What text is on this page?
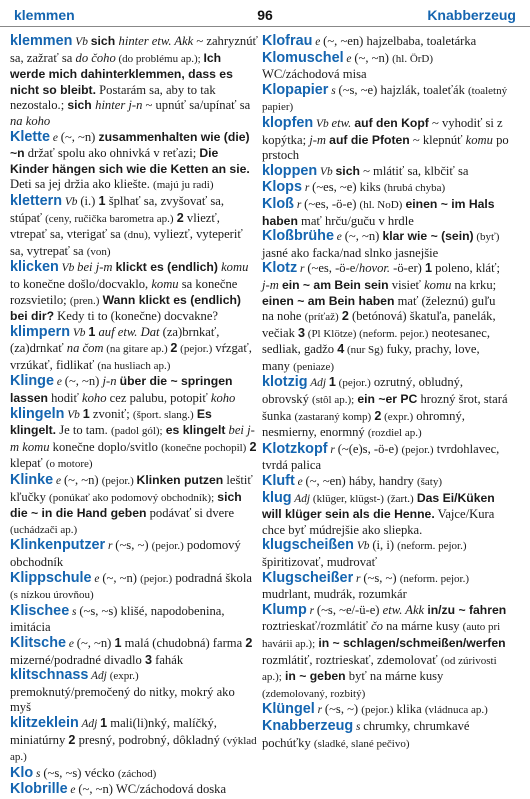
klemmen	96	Knabberzeug

klemmen Vb sich hinter etw. Akk ~ zahryznúť sa, zažrať sa do čoho (do problému ap.); Ich werde mich dahinterklemmen, dass es nicht so bleibt. Postarám sa, aby to tak nezostalo.; sich hinter j-n ~ upnúť sa/upínať sa na koho

Klette e (~, ~n) zusammenhalten wie (die) ~n držať spolu ako ohnivká v reťazi; Die Kinder hängen sich wie die Ketten an sie. Deti sa jej držia ako kliešte. (majú ju radi)

klettern Vb (i.) 1 šplhať sa, zvyšovať sa, stúpať (ceny, ručička barometra ap.) 2 vliezť, vtrepať sa, vterigať sa (dnu), vyliezť, vyteperiť sa, vytrepať sa (von)

klicken Vb bei j-m klickt es (endlich) komu to konečne došlo/docvaklo, komu sa konečne rozsvietilo; (pren.) Wann klickt es (endlich) bei dir? Kedy ti to (konečne) docvakne?

klimpern Vb 1 auf etw. Dat (za)brnkať, (za)drnkať na čom (na gitare ap.) 2 (pejor.) vŕzgať, vrzúkať, fidlikať (na husliach ap.)

Klinge e (~, ~n) j-n über die ~ springen lassen hodiť koho cez palubu, potopiť koho

klingeln Vb 1 zvoniť; (šport. slang.) Es klingelt. Je to tam. (padol gól); es klingelt bei j-m komu konečne doplo/svitlo (konečne pochopil) 2 klepať (o motore)

Klinke e (~, ~n) (pejor.) Klinken putzen leštiť kľučky (ponúkať ako podomový obchodník); sich die ~ in die Hand geben podávať si dvere (uchádzači ap.)

Klinkenputzer r (~s, ~) (pejor.) podomový obchodník

Klippschule e (~, ~n) (pejor.) podradná škola (s nízkou úrovňou)

Klischee s (~s, ~s) klišé, napodobenina, imitácia

Klitsche e (~, ~n) 1 malá (chudobná) farma 2 mizerné/podradné divadlo 3 fahák

klitschnass Adj (expr.) premoknutý/premočený do nitky, mokrý ako myš

klitzeklein Adj 1 mali(li)nký, malíčký, miniatúrny 2 presný, podrobný, dôkladný (výklad ap.)

Klo s (~s, ~s) vécko (záchod)

Klobrille e (~, ~n) WC/záchodová doska

Klofrau e (~, ~en) hajzelbaba, toaletárka

Klomuschel e (~, ~n) (hl. ÖrD) WC/záchodová misa

Klopapier s (~s, ~e) hajzlák, toaleťák (toaletný papier)

klopfen Vb etw. auf den Kopf ~ vyhodiť si z kopýtka; j-m auf die Pfoten ~ klepnúť komu po prstoch

kloppen Vb sich ~ mlátiť sa, klbčiť sa

Klops r (~es, ~e) kiks (hrubá chyba)

Kloß r (~es, -ö-e) (hl. NoD) einen ~ im Hals haben mať hrču/guču v hrdle

Kloßbrühe e (~, ~n) klar wie ~ (sein) (byť) jasné ako facka/nad slnko jasnejšie

Klotz r (~es, -ö-e/hovor. -ö-er) 1 poleno, kláť; j-m ein ~ am Bein sein visieť komu na krku; einen ~ am Bein haben mať (železnú) guľu na nohe (príťaž) 2 (betónová) škatuľa, panelák, večiak 3 (Pl Klötze) (neform. pejor.) neotesanec, sedliak, gadžo 4 (nur Sg) fuky, prachy, love, many (peniaze)

klotzig Adj 1 (pejor.) ozrutný, obludný, obrovský (stôl ap.); ein ~er PC hrozný šrot, stará šunka (zastaraný komp) 2 (expr.) ohromný, nesmierny, enormný (rozdiel ap.)

Klotzkopf r (~(e)s, -ö-e) (pejor.) tvrdohlavec, tvrdá palica

Kluft e (~, ~en) háby, handry (šaty)

klug Adj (klüger, klügst-) (žart.) Das Ei/Küken will klüger sein als die Henne. Vajce/Kura chce byť múdrejšie ako sliepka.

klugscheißen Vb (i, i) (neform. pejor.) špiritizovať, mudrovať

Klugscheißer r (~s, ~) (neform. pejor.) mudrlant, mudrák, rozumkár

Klump r (~s, ~e/-ü-e) etw. Akk in/zu ~ fahren roztrieskať/rozmlátiť čo na márne kusy (auto pri havárii ap.); in ~ schlagen/schmeißen/werfen rozmlátiť, roztrieskať, zdemolovať (od zúrivosti ap.); in ~ geben byť na márne kusy (zdemolovaný, rozbitý)

Klüngel r (~s, ~) (pejor.) klika (vládnuca ap.)

Knabberzeug s chrumky, chrumkavé pochúťky (sladké, slané pečivo)
